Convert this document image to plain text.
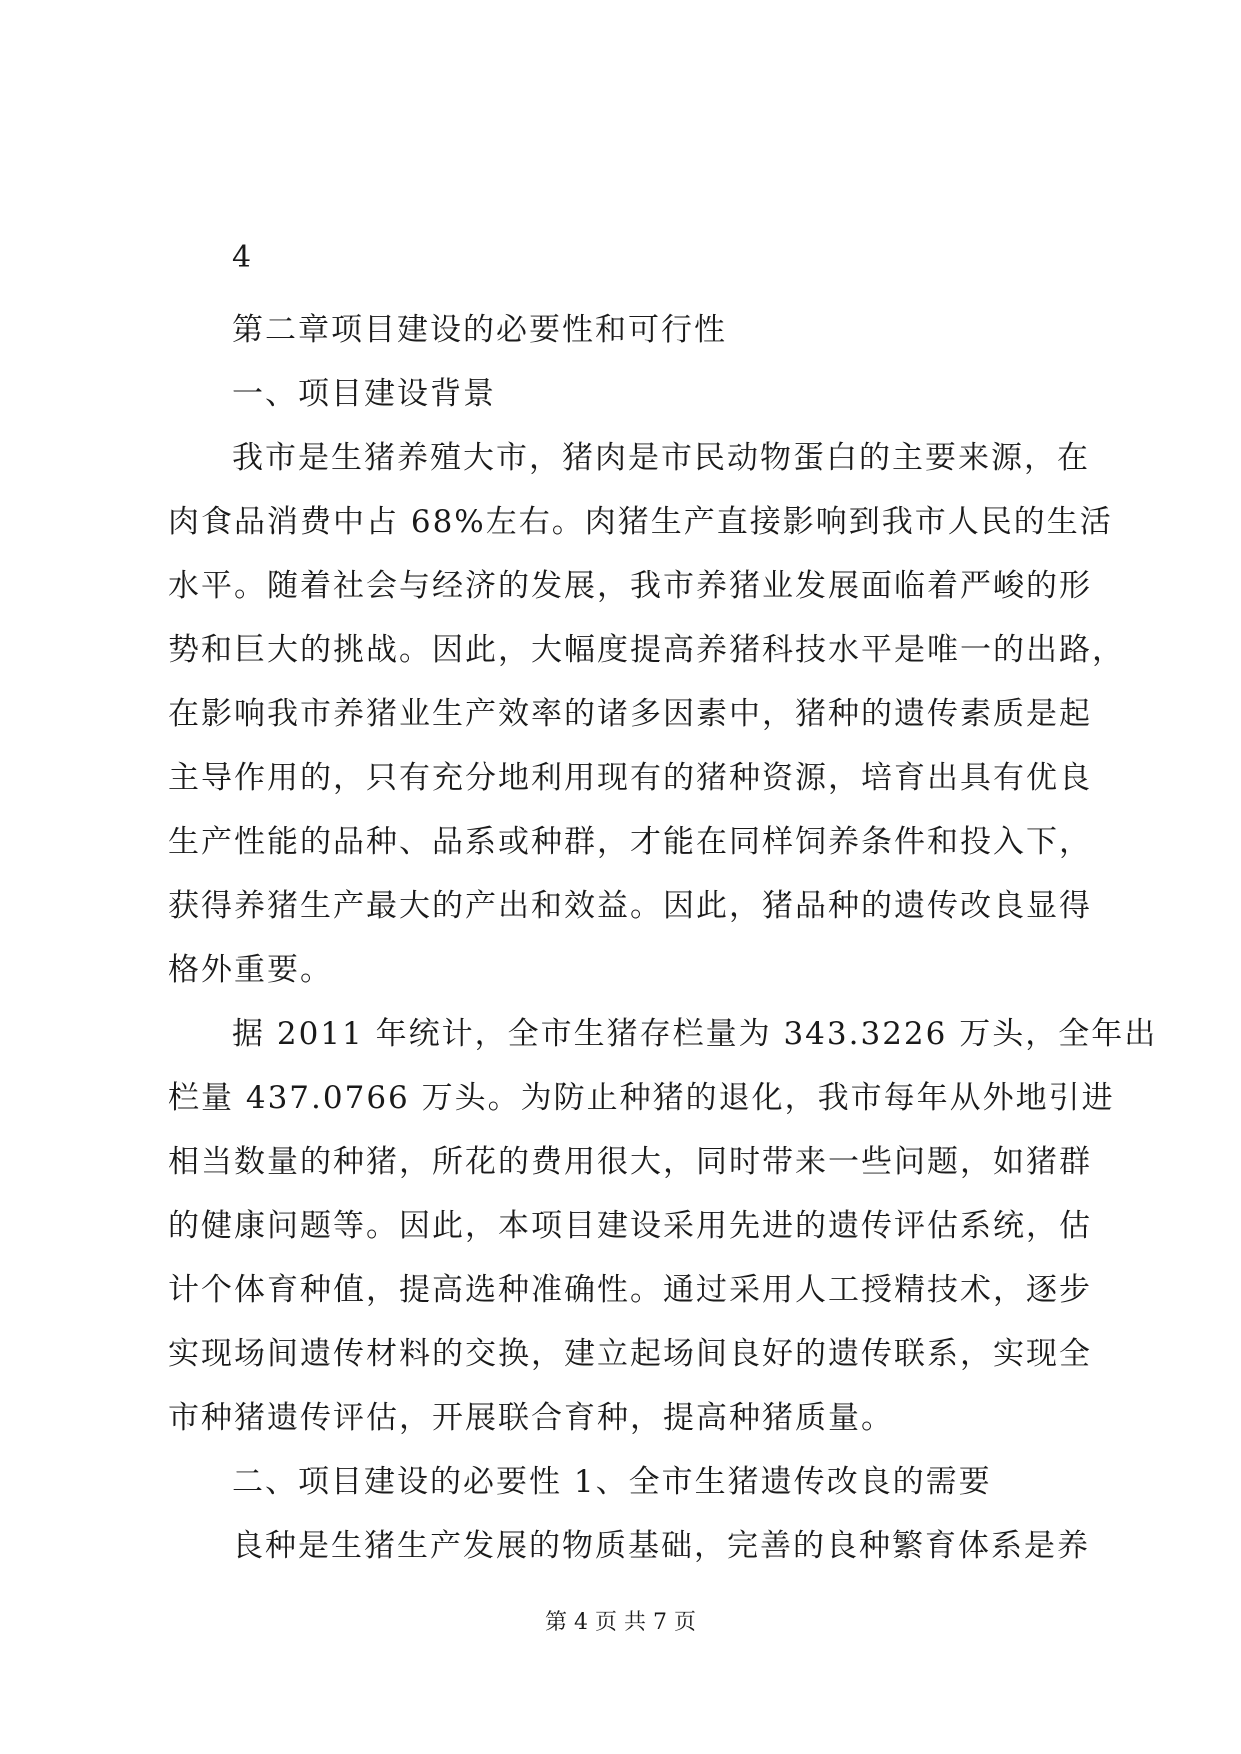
4
第二章项目建设的必要性和可行性
一、项目建设背景
我市是生猪养殖大市，猪肉是市民动物蛋白的主要来源，在
肉食品消费中占 68%左右。肉猪生产直接影响到我市人民的生活
水平。随着社会与经济的发展，我市养猪业发展面临着严峻的形
势和巨大的挑战。因此，大幅度提高养猪科技水平是唯一的出路，
在影响我市养猪业生产效率的诸多因素中，猪种的遗传素质是起
主导作用的，只有充分地利用现有的猪种资源，培育出具有优良
生产性能的品种、品系或种群，才能在同样饲养条件和投入下，
获得养猪生产最大的产出和效益。因此，猪品种的遗传改良显得
格外重要。
据 2011 年统计，全市生猪存栏量为 343.3226 万头，全年出
栏量 437.0766 万头。为防止种猪的退化，我市每年从外地引进
相当数量的种猪，所花的费用很大，同时带来一些问题，如猪群
的健康问题等。因此，本项目建设采用先进的遗传评估系统，估
计个体育种值，提高选种准确性。通过采用人工授精技术，逐步
实现场间遗传材料的交换，建立起场间良好的遗传联系，实现全
市种猪遗传评估，开展联合育种，提高种猪质量。
二、项目建设的必要性 1、全市生猪遗传改良的需要
良种是生猪生产发展的物质基础，完善的良种繁育体系是养
第 4 页 共 7 页
